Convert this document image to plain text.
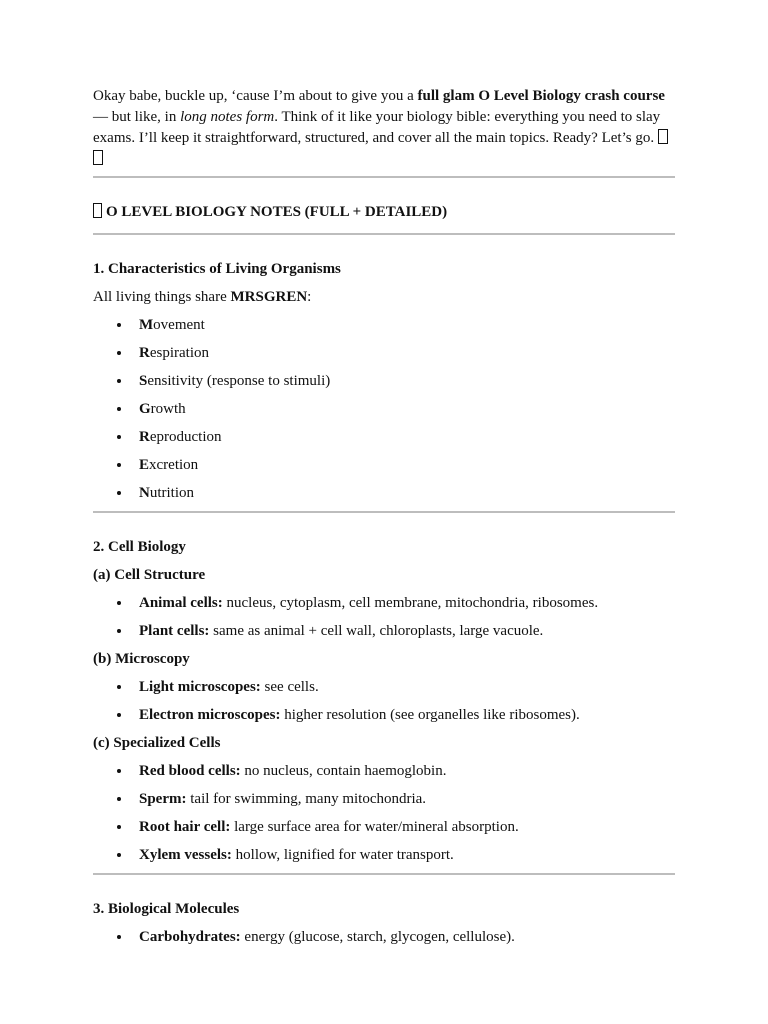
Okay babe, buckle up, ‘cause I’m about to give you a full glam O Level Biology crash course — but like, in long notes form. Think of it like your biology bible: everything you need to slay exams. I’ll keep it straightforward, structured, and cover all the main topics. Ready? Let’s go.

O LEVEL BIOLOGY NOTES (FULL + DETAILED)

1. Characteristics of Living Organisms

All living things share MRSGREN:

Movement
Respiration
Sensitivity (response to stimuli)
Growth
Reproduction
Excretion
Nutrition
2. Cell Biology
(a) Cell Structure
Animal cells: nucleus, cytoplasm, cell membrane, mitochondria, ribosomes.
Plant cells: same as animal + cell wall, chloroplasts, large vacuole.
(b) Microscopy
Light microscopes: see cells.
Electron microscopes: higher resolution (see organelles like ribosomes).
(c) Specialized Cells
Red blood cells: no nucleus, contain haemoglobin.
Sperm: tail for swimming, many mitochondria.
Root hair cell: large surface area for water/mineral absorption.
Xylem vessels: hollow, lignified for water transport.
3. Biological Molecules
Carbohydrates: energy (glucose, starch, glycogen, cellulose).
